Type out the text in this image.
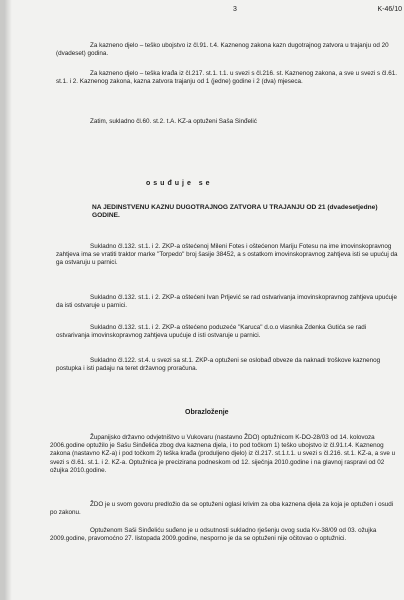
3	K-46/10
Za kazneno djelo – teško ubojstvo iz čl.91. t.4. Kaznenog zakona kazn dugotrajnog zatvora u trajanju od 20 (dvadeset) godina.
Za kazneno djelo – teška krađa iz čl.217. st.1. t.1. u svezi s čl.216. st. Kaznenog zakona, a sve u svezi s čl.61. st.1. i 2. Kaznenog zakona, kazna zatvora trajanju od 1 (jedne) godine i 2 (dva) mjeseca.
Zatim, sukladno čl.60. st.2. t.A. KZ-a optuženi Saša Sinđelić
osuđuje se
NA JEDINSTVENU KAZNU DUGOTRAJNOG ZATVORA U TRAJANJU OD 21 (dvadesetjedne) GODINE.
Sukladno čl.132. st.1. i 2. ZKP-a oštećenoj Mileni Fotes i oštećenon Mariju Fotesu na ime imovinskopravnog zahtjeva ima se vratiti traktor marke "Torpedo" broj šasije 38452, a s ostatkom imovinskopravnog zahtjeva isti se upućuj da ga ostvaruju u parnici.
Sukladno čl.132. st.1. i 2. ZKP-a oštećeni Ivan Prljević se rad ostvarivanja imovinskopravnog zahtjeva upućuje da isti ostvaruje u parnici.
Sukladno čl.132. st.1. i 2. ZKP-a oštećeno poduzeće "Karuca" d.o.o vlasnika Zdenka Gutića se radi ostvarivanja imovinskopravnog zahtjeva upućuje d isti ostvaruje u parnici.
Sukladno čl.122. st.4. u svezi sa st.1. ZKP-a optuženi se oslobađ obveze da naknadi troškove kaznenog postupka i isti padaju na teret državnog proračuna.
Obrazloženje
Županijsko državno odvjetništvo u Vukovaru (nastavno ŽDO) optužnicom K-DO-28/03 od 14. kolovoza 2006.godine optužilo je Sašu Sinđelića zbog dva kaznena djela, i to pod točkom 1) teško ubojstvo iz čl.91.t.4. Kaznenog zakona (nastavno KZ-a) i pod točkom 2) teška krađa (produljeno djelo) iz čl.217. st.1.t.1. u svezi s čl.216. st.1. KZ-a, a sve u svezi s čl.61. st.1. i 2. KZ-a. Optužnica je precizirana podneskom od 12. siječnja 2010.godine i na glavnoj raspravi od 02 ožujka 2010.godine.
ŽDO je u svom govoru predložio da se optuženi oglasi krivim za oba kaznena djela za koja je optužen i osudi po zakonu.
Optuženom Saši Sinđeliću suđeno je u odsutnosti sukladno rješenju ovog suda Kv-38/09 od 03. ožujka 2009.godine, pravomoćno 27. listopada 2009.godine, nesporno je da se optuženi nije očitovao o optužnici.
